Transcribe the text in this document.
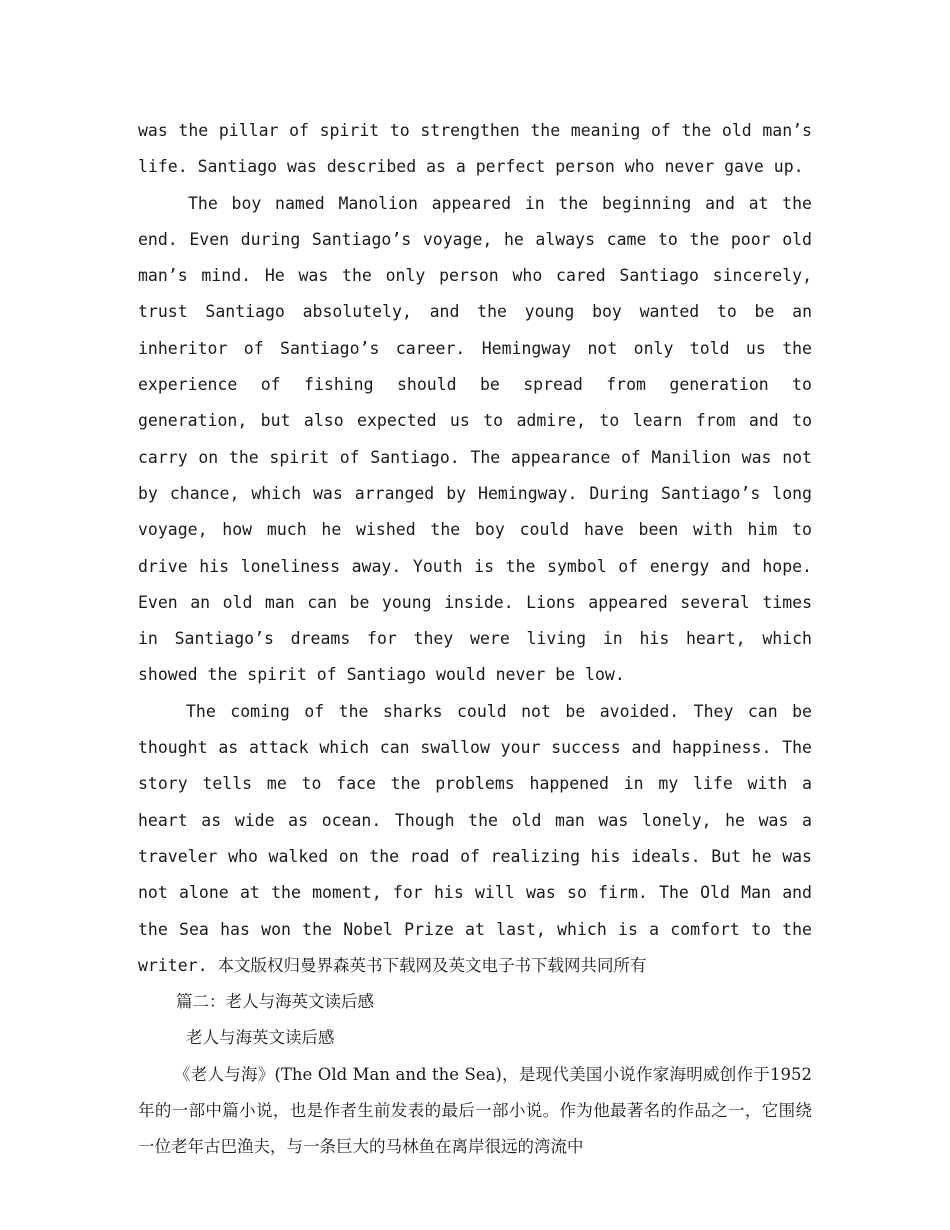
was the pillar of spirit to strengthen the meaning of the old man’s life. Santiago was described as a perfect person who never gave up.

The boy named Manolion appeared in the beginning and at the end. Even during Santiago’s voyage, he always came to the poor old man’s mind. He was the only person who cared Santiago sincerely, trust Santiago absolutely, and the young boy wanted to be an inheritor of Santiago’s career. Hemingway not only told us the experience of fishing should be spread from generation to generation, but also expected us to admire, to learn from and to carry on the spirit of Santiago. The appearance of Manilion was not by chance, which was arranged by Hemingway. During Santiago’s long voyage, how much he wished the boy could have been with him to drive his loneliness away. Youth is the symbol of energy and hope. Even an old man can be young inside. Lions appeared several times in Santiago’s dreams for they were living in his heart, which showed the spirit of Santiago would never be low.

The coming of the sharks could not be avoided. They can be thought as attack which can swallow your success and happiness. The story tells me to face the problems happened in my life with a heart as wide as ocean. Though the old man was lonely, he was a traveler who walked on the road of realizing his ideals. But he was not alone at the moment, for his will was so firm. The Old Man and the Sea has won the Nobel Prize at last, which is a comfort to the writer. 本文版权归曼界森英书下载网及英文电子书下载网共同所有

篇二：老人与海英文读后感

老人与海英文读后感

《老人与海》(The Old Man and the Sea)，是现代美国小说作家海明威创作于1952年的一部中篇小说，也是作者生前发表的最后一部小说。作为他最著名的作品之一，它围绕一位老年古巴渔夫，与一条巨大的马林鱼在离岸很远的湾流中
